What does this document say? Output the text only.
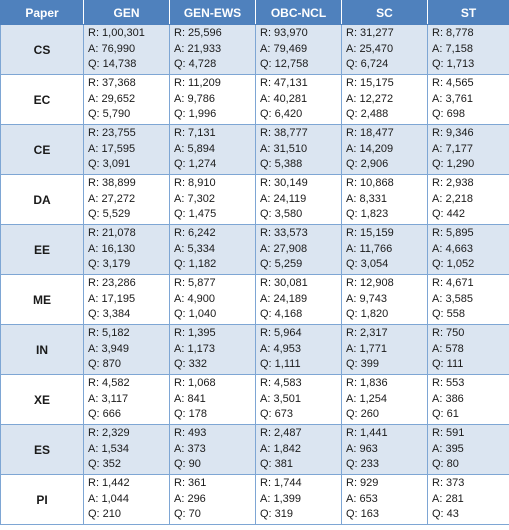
Paper	GEN	GEN-EWS	OBC-NCL	SC	ST
CS	R: 1,00,301
A: 76,990
Q: 14,738	R: 25,596
A: 21,933
Q: 4,728	R: 93,970
A: 79,469
Q: 12,758	R: 31,277
A: 25,470
Q: 6,724	R: 8,778
A: 7,158
Q: 1,713

EC	R: 37,368
A: 29,652
Q: 5,790	R: 11,209
A: 9,786
Q: 1,996	R: 47,131
A: 40,281
Q: 6,420	R: 15,175
A: 12,272
Q: 2,488	R: 4,565
A: 3,761
Q: 698

CE	R: 23,755
A: 17,595
Q: 3,091	R: 7,131
A: 5,894
Q: 1,274	R: 38,777
A: 31,510
Q: 5,388	R: 18,477
A: 14,209
Q: 2,906	R: 9,346
A: 7,177
Q: 1,290

DA	R: 38,899
A: 27,272
Q: 5,529	R: 8,910
A: 7,302
Q: 1,475	R: 30,149
A: 24,119
Q: 3,580	R: 10,868
A: 8,331
Q: 1,823	R: 2,938
A: 2,218
Q: 442

EE	R: 21,078
A: 16,130
Q: 3,179	R: 6,242
A: 5,334
Q: 1,182	R: 33,573
A: 27,908
Q: 5,259	R: 15,159
A: 11,766
Q: 3,054	R: 5,895
A: 4,663
Q: 1,052

ME	R: 23,286
A: 17,195
Q: 3,384	R: 5,877
A: 4,900
Q: 1,040	R: 30,081
A: 24,189
Q: 4,168	R: 12,908
A: 9,743
Q: 1,820	R: 4,671
A: 3,585
Q: 558

IN	R: 5,182
A: 3,949
Q: 870	R: 1,395
A: 1,173
Q: 332	R: 5,964
A: 4,953
Q: 1,111	R: 2,317
A: 1,771
Q: 399	R: 750
A: 578
Q: 111

XE	R: 4,582
A: 3,117
Q: 666	R: 1,068
A: 841
Q: 178	R: 4,583
A: 3,501
Q: 673	R: 1,836
A: 1,254
Q: 260	R: 553
A: 386
Q: 61

ES	R: 2,329
A: 1,534
Q: 352	R: 493
A: 373
Q: 90	R: 2,487
A: 1,842
Q: 381	R: 1,441
A: 963
Q: 233	R: 591
A: 395
Q: 80

PI	R: 1,442
A: 1,044
Q: 210	R: 361
A: 296
Q: 70	R: 1,744
A: 1,399
Q: 319	R: 929
A: 653
Q: 163	R: 373
A: 281
Q: 43
